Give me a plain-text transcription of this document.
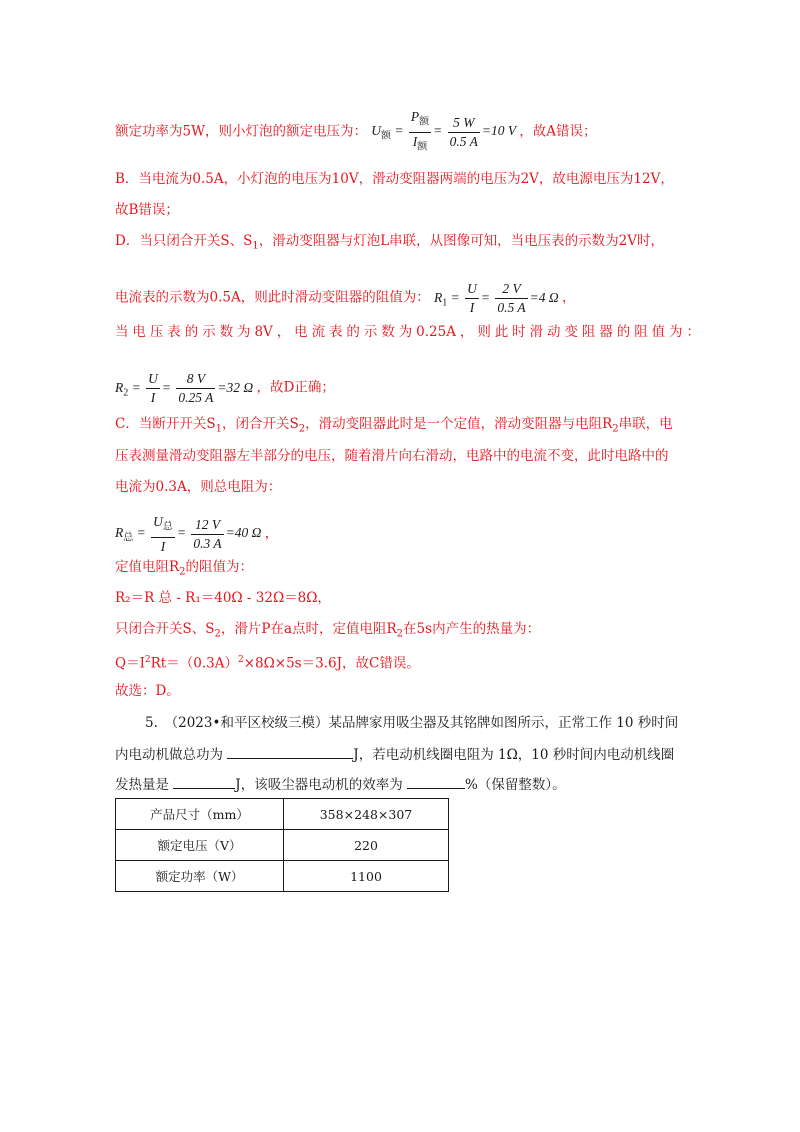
额定功率为5W，则小灯泡的额定电压为： $U_额 = \frac{P_额}{I_额} = \frac{5 W}{0.5 A} =10$ V ，故A错误；
B．当电流为0.5A，小灯泡的电压为10V，滑动变阻器两端的电压为2V，故电源电压为12V，
故B错误；
D．当只闭合开关S、$S_1$，滑动变阻器与灯泡L串联，从图像可知，当电压表的示数为2V时，
电流表的示数为0.5A，则此时滑动变阻器的阻值为： $R_1 = \frac{U}{I} = \frac{2 V}{0.5 A} =4$ Ω ，
当电压表的示数为8V，电流表的示数为0.25A，则此时滑动变阻器的阻值为：
$R_2 = \frac{U}{I} = \frac{8 V}{0.25 A} =32$ Ω ，故D正确；
C．当断开开关$S_1$，闭合开关$S_2$，滑动变阻器此时是一个定值，滑动变阻器与电阻$R_2$串联，电
压表测量滑动变阻器左半部分的电压，随着滑片向右滑动，电路中的电流不变，此时电路中的
电流为0.3A，则总电阻为：
$R_总 = \frac{U_总}{I} = \frac{12 V}{0.3 A} =40$ Ω ，
定值电阻$R_2$的阻值为：
R₂＝R 总 - R₁＝40Ω - 32Ω＝8Ω，
只闭合开关S、$S_2$，滑片P在a点时，定值电阻$R_2$在5s内产生的热量为：
$Q=I^2Rt=(0.3A)^2\times 8\Omega\times 5s=3.6J$，故C错误。
故选：D。
5.　（2023•和平区校级三模）某品牌家用吸尘器及其铭牌如图所示，正常工作 10 秒时间
内电动机做总功为	J，若电动机线圈电阻为 1Ω，10 秒时间内电动机线圈
发热量是	J，该吸尘器电动机的效率为	%（保留整数）。
产品尺寸（mm）	358×248×307
额定电压（V）	220
额定功率（W）	1100
